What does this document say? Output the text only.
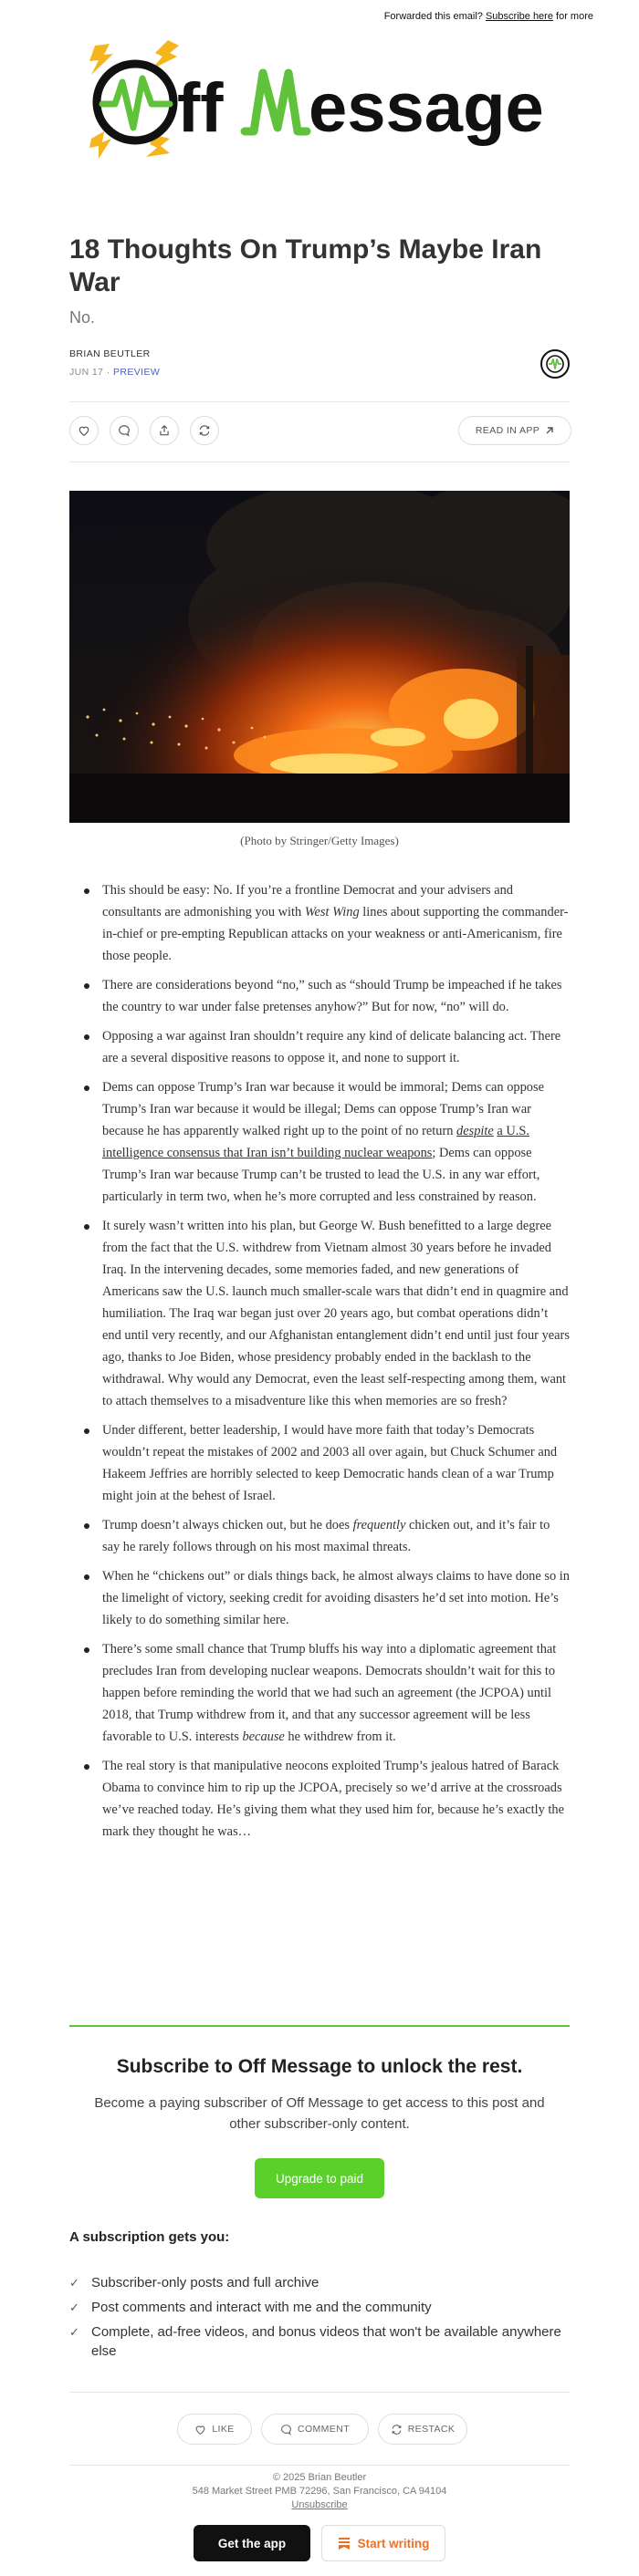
Forwarded this email? Subscribe here for more
ff essage
18 Thoughts On Trump’s Maybe Iran War
No.
BRIAN BEUTLER
JUN 17 · PREVIEW
READ IN APP
(Photo by Stringer/Getty Images)
This should be easy: No. If you’re a frontline Democrat and your advisers and consultants are admonishing you with West Wing lines about supporting the commander-in-chief or pre-empting Republican attacks on your weakness or anti-Americanism, fire those people.
There are considerations beyond “no,” such as “should Trump be impeached if he takes the country to war under false pretenses anyhow?” But for now, “no” will do.
Opposing a war against Iran shouldn’t require any kind of delicate balancing act. There are a several dispositive reasons to oppose it, and none to support it.
Dems can oppose Trump’s Iran war because it would be immoral; Dems can oppose Trump’s Iran war because it would be illegal; Dems can oppose Trump’s Iran war because he has apparently walked right up to the point of no return despite a U.S. intelligence consensus that Iran isn’t building nuclear weapons; Dems can oppose Trump’s Iran war because Trump can’t be trusted to lead the U.S. in any war effort, particularly in term two, when he’s more corrupted and less constrained by reason.
It surely wasn’t written into his plan, but George W. Bush benefitted to a large degree from the fact that the U.S. withdrew from Vietnam almost 30 years before he invaded Iraq. In the intervening decades, some memories faded, and new generations of Americans saw the U.S. launch much smaller-scale wars that didn’t end in quagmire and humiliation. The Iraq war began just over 20 years ago, but combat operations didn’t end until very recently, and our Afghanistan entanglement didn’t end until just four years ago, thanks to Joe Biden, whose presidency probably ended in the backlash to the withdrawal. Why would any Democrat, even the least self-respecting among them, want to attach themselves to a misadventure like this when memories are so fresh?
Under different, better leadership, I would have more faith that today’s Democrats wouldn’t repeat the mistakes of 2002 and 2003 all over again, but Chuck Schumer and Hakeem Jeffries are horribly selected to keep Democratic hands clean of a war Trump might join at the behest of Israel.
Trump doesn’t always chicken out, but he does frequently chicken out, and it’s fair to say he rarely follows through on his most maximal threats.
When he “chickens out” or dials things back, he almost always claims to have done so in the limelight of victory, seeking credit for avoiding disasters he’d set into motion. He’s likely to do something similar here.
There’s some small chance that Trump bluffs his way into a diplomatic agreement that precludes Iran from developing nuclear weapons. Democrats shouldn’t wait for this to happen before reminding the world that we had such an agreement (the JCPOA) until 2018, that Trump withdrew from it, and that any successor agreement will be less favorable to U.S. interests because he withdrew from it.
The real story is that manipulative neocons exploited Trump’s jealous hatred of Barack Obama to convince him to rip up the JCPOA, precisely so we’d arrive at the crossroads we’ve reached today. He’s giving them what they used him for, because he’s exactly the mark they thought he was…
Subscribe to Off Message to unlock the rest.

Become a paying subscriber of Off Message to get access to this post and other subscriber-only content.

Upgrade to paid
A subscription gets you:
✓ Subscriber-only posts and full archive
✓ Post comments and interact with me and the community
✓ Complete, ad-free videos, and bonus videos that won't be available anywhere else
LIKE	COMMENT	RESTACK
© 2025 Brian Beutler
548 Market Street PMB 72296, San Francisco, CA 94104
Unsubscribe
Get the app	Start writing
